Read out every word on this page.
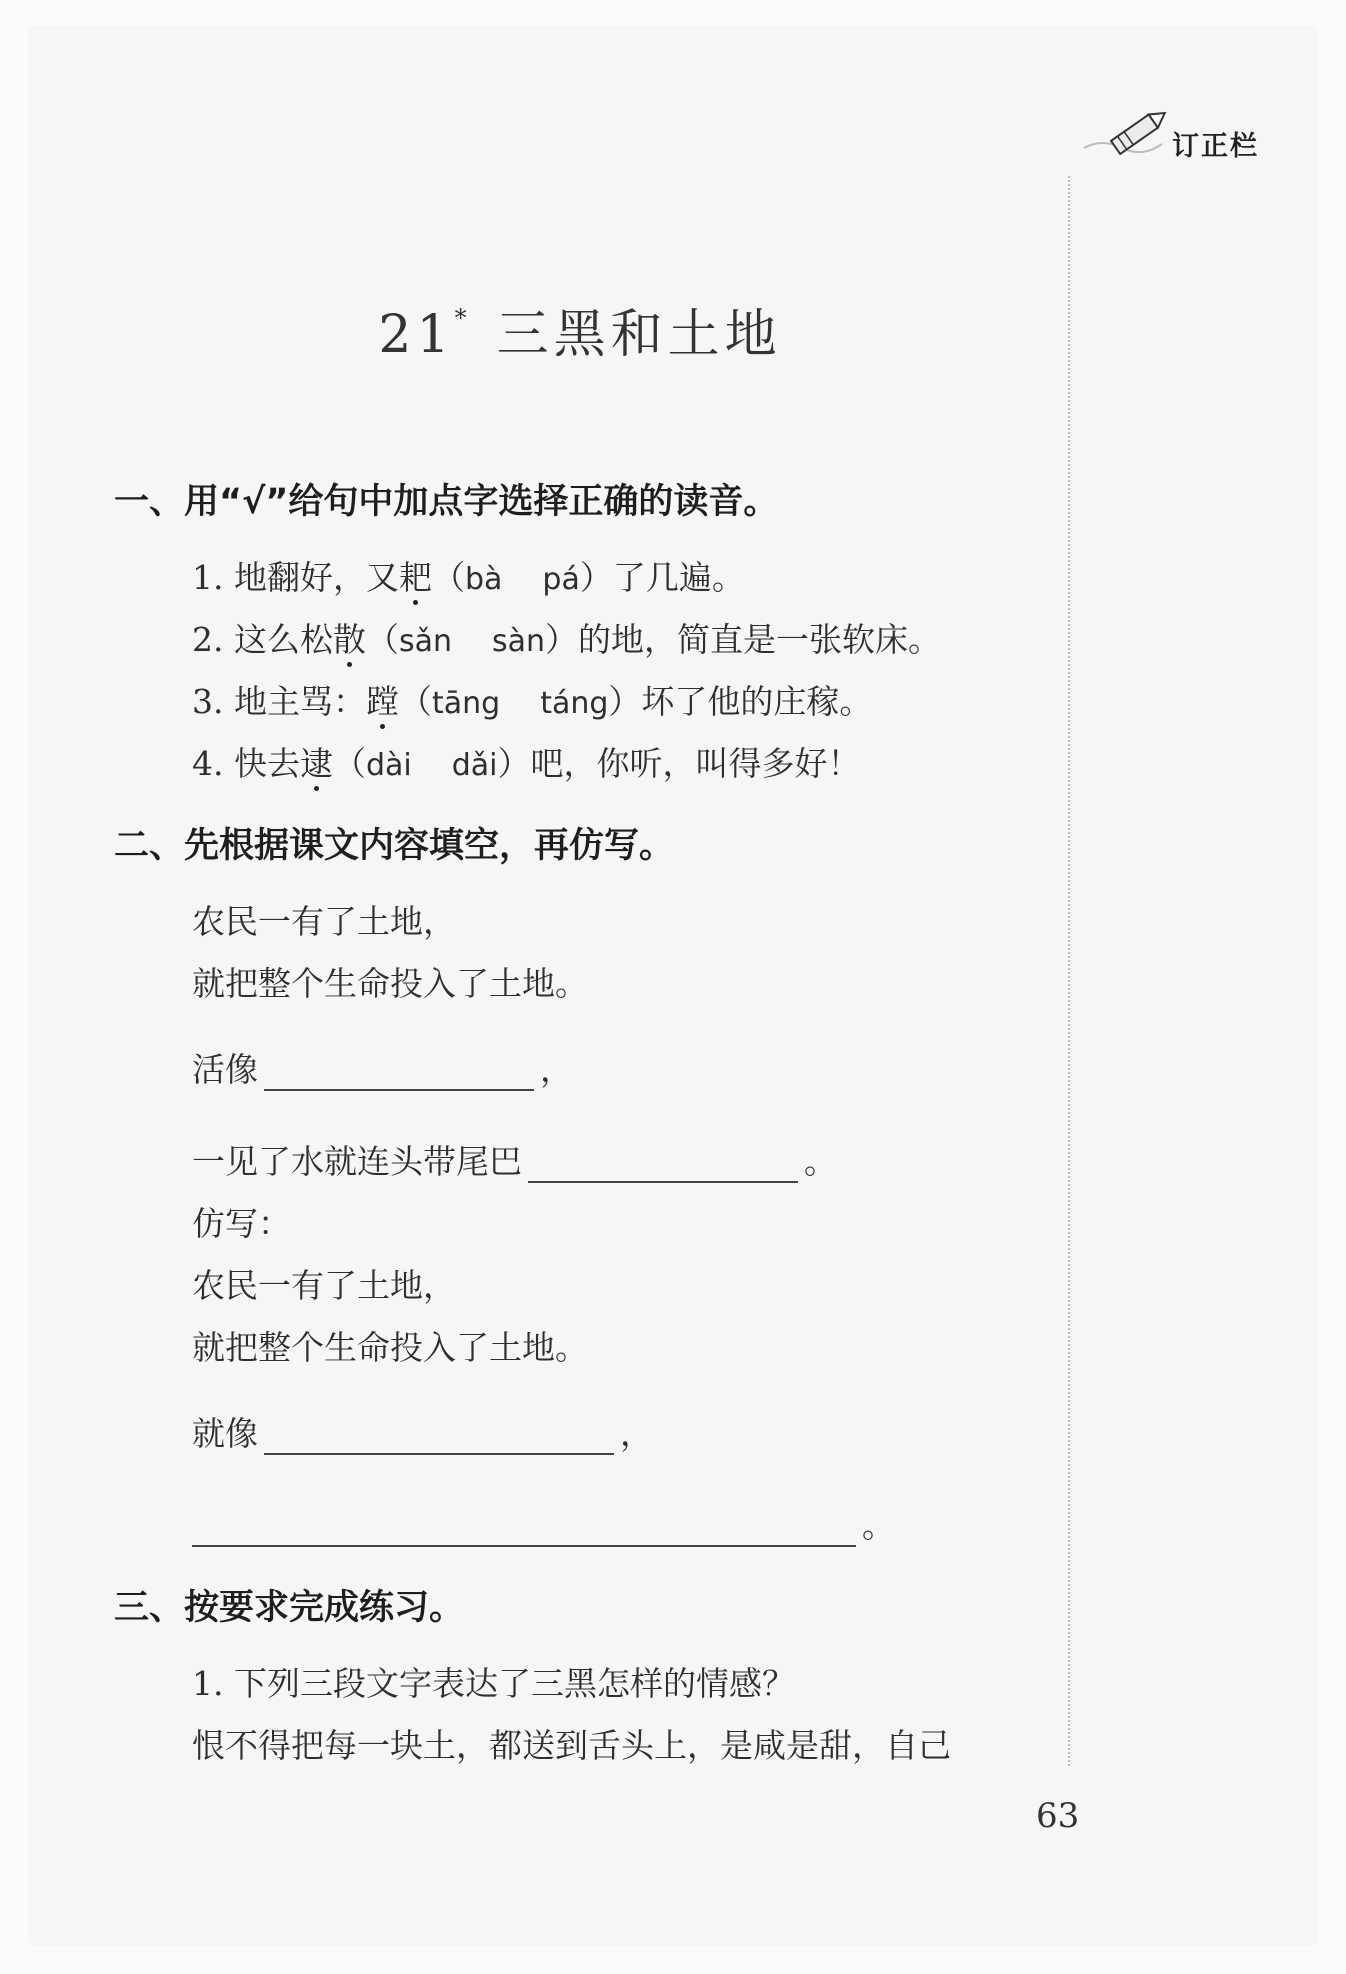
订正栏
21* 三黑和土地
一、用“√”给句中加点字选择正确的读音。
1. 地翻好，又耙（bà pá）了几遍。
2. 这么松散（sǎn sàn）的地，简直是一张软床。
3. 地主骂：蹚（tāng táng）坏了他的庄稼。
4. 快去逮（dài dǎi）吧，你听，叫得多好！
二、先根据课文内容填空，再仿写。
农民一有了土地，
就把整个生命投入了土地。
活像	，
一见了水就连头带尾巴	。
仿写：
农民一有了土地，
就把整个生命投入了土地。
就像	，
。
三、按要求完成练习。
1. 下列三段文字表达了三黑怎样的情感？
恨不得把每一块土，都送到舌头上，是咸是甜，自己
63
